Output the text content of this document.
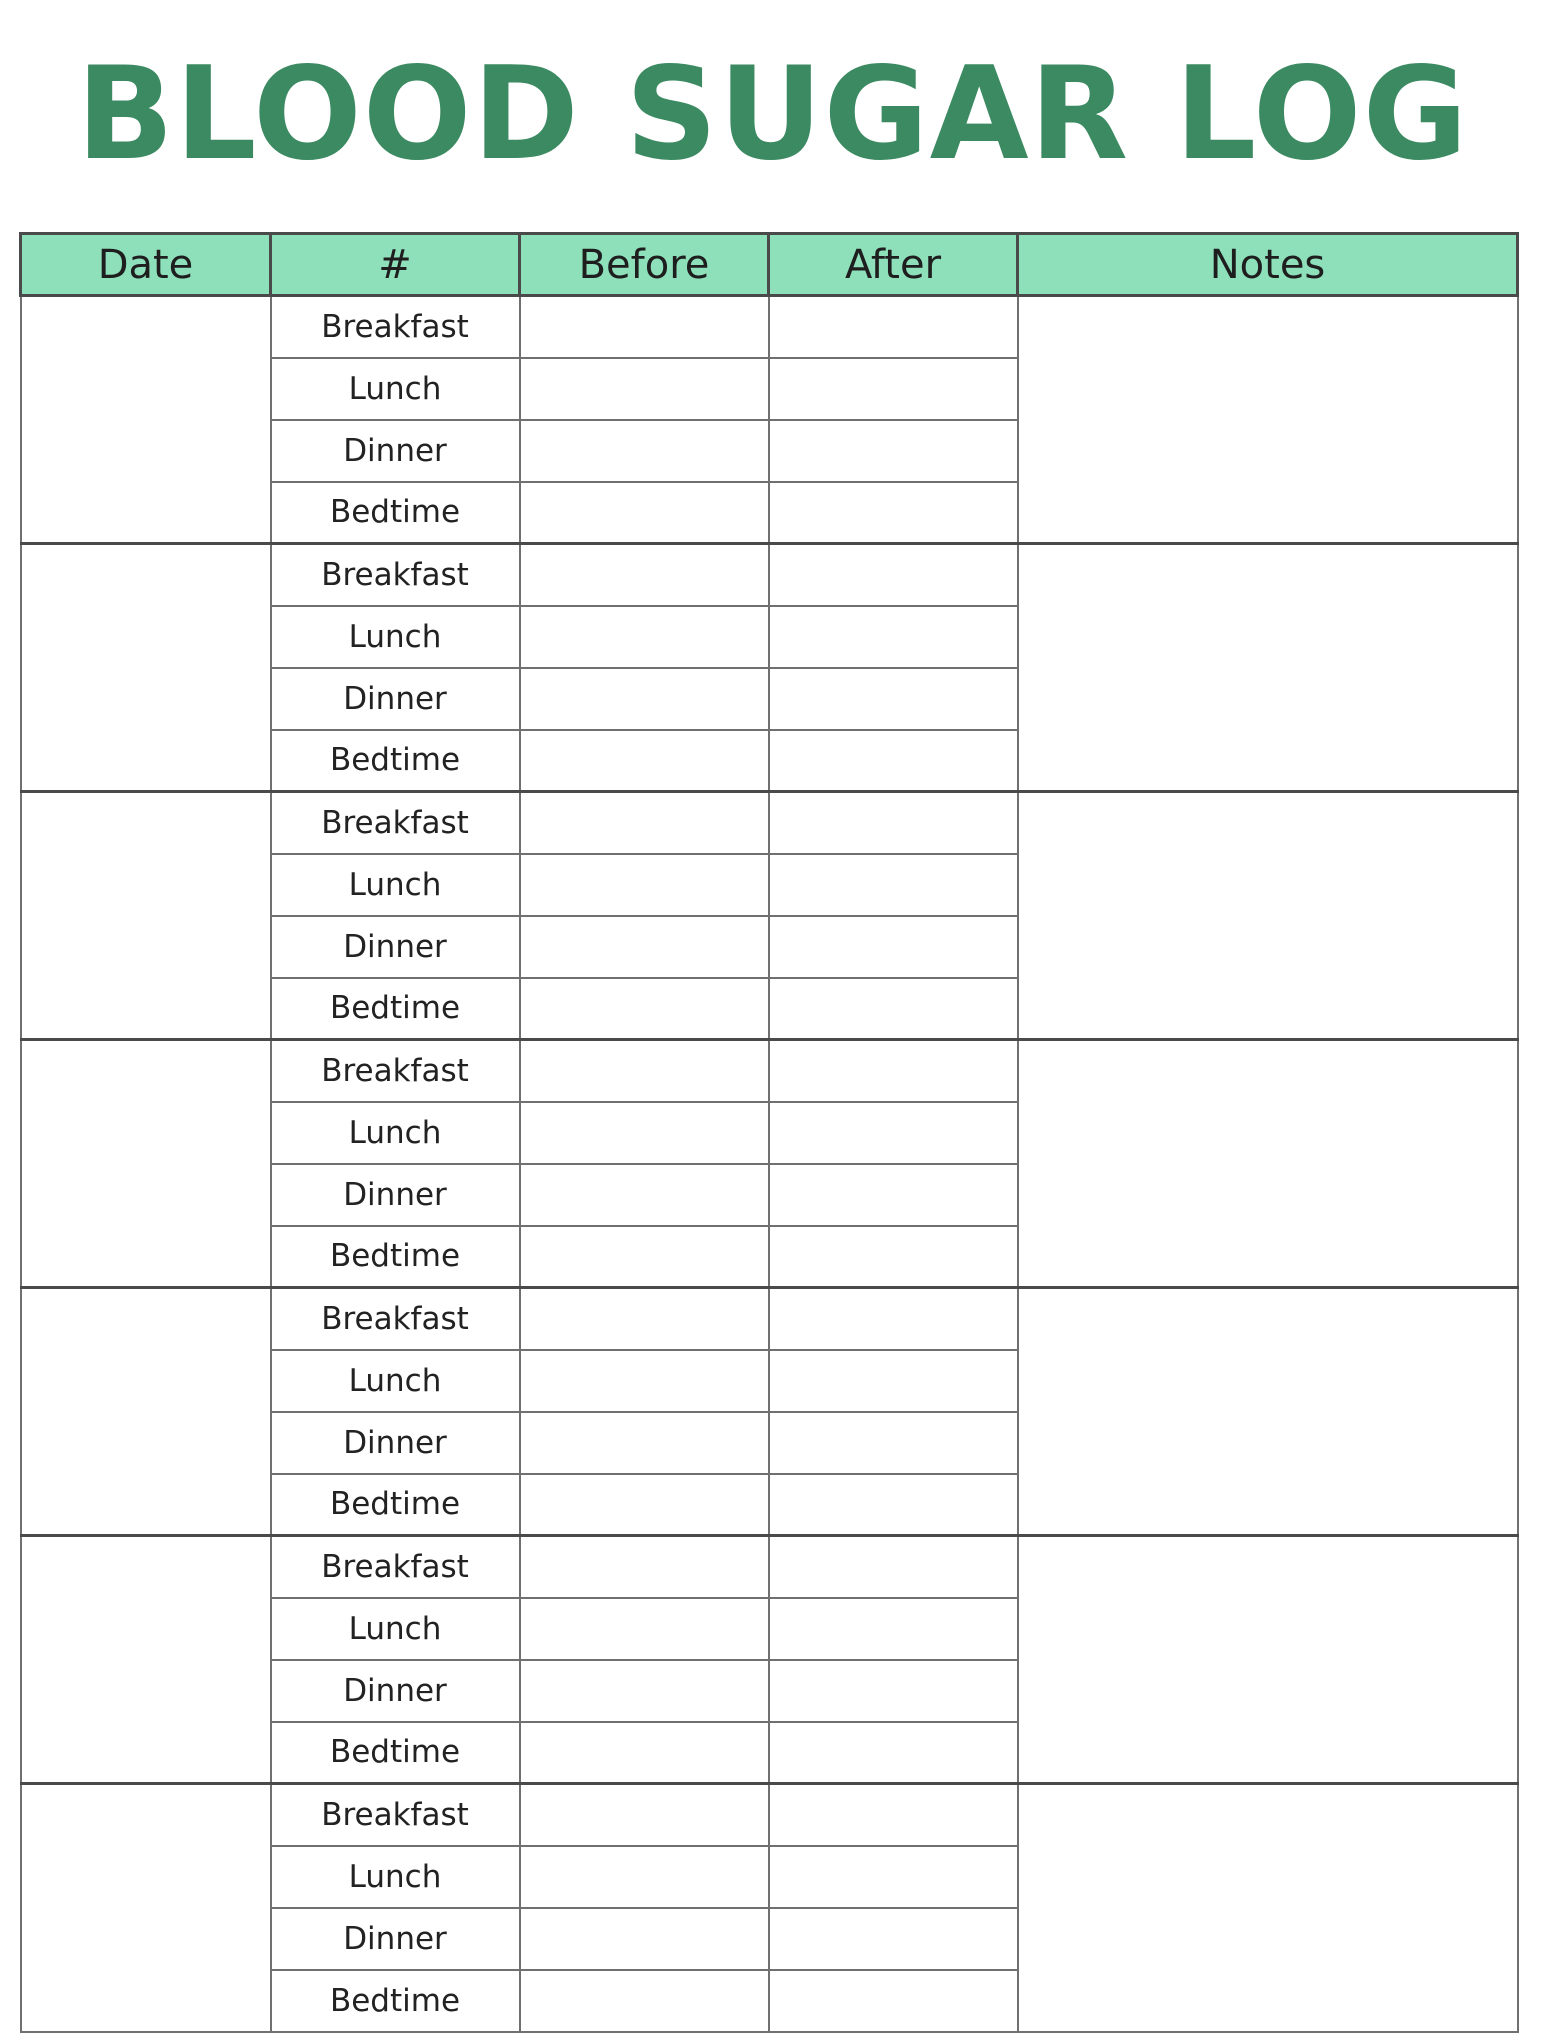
BLOOD SUGAR LOG
Date	#	Before	After	Notes
	Breakfast			
	Lunch			
	Dinner			
	Bedtime			
	Breakfast			
	Lunch			
	Dinner			
	Bedtime			
	Breakfast			
	Lunch			
	Dinner			
	Bedtime			
	Breakfast			
	Lunch			
	Dinner			
	Bedtime			
	Breakfast			
	Lunch			
	Dinner			
	Bedtime			
	Breakfast			
	Lunch			
	Dinner			
	Bedtime			
	Breakfast			
	Lunch			
	Dinner			
	Bedtime			
